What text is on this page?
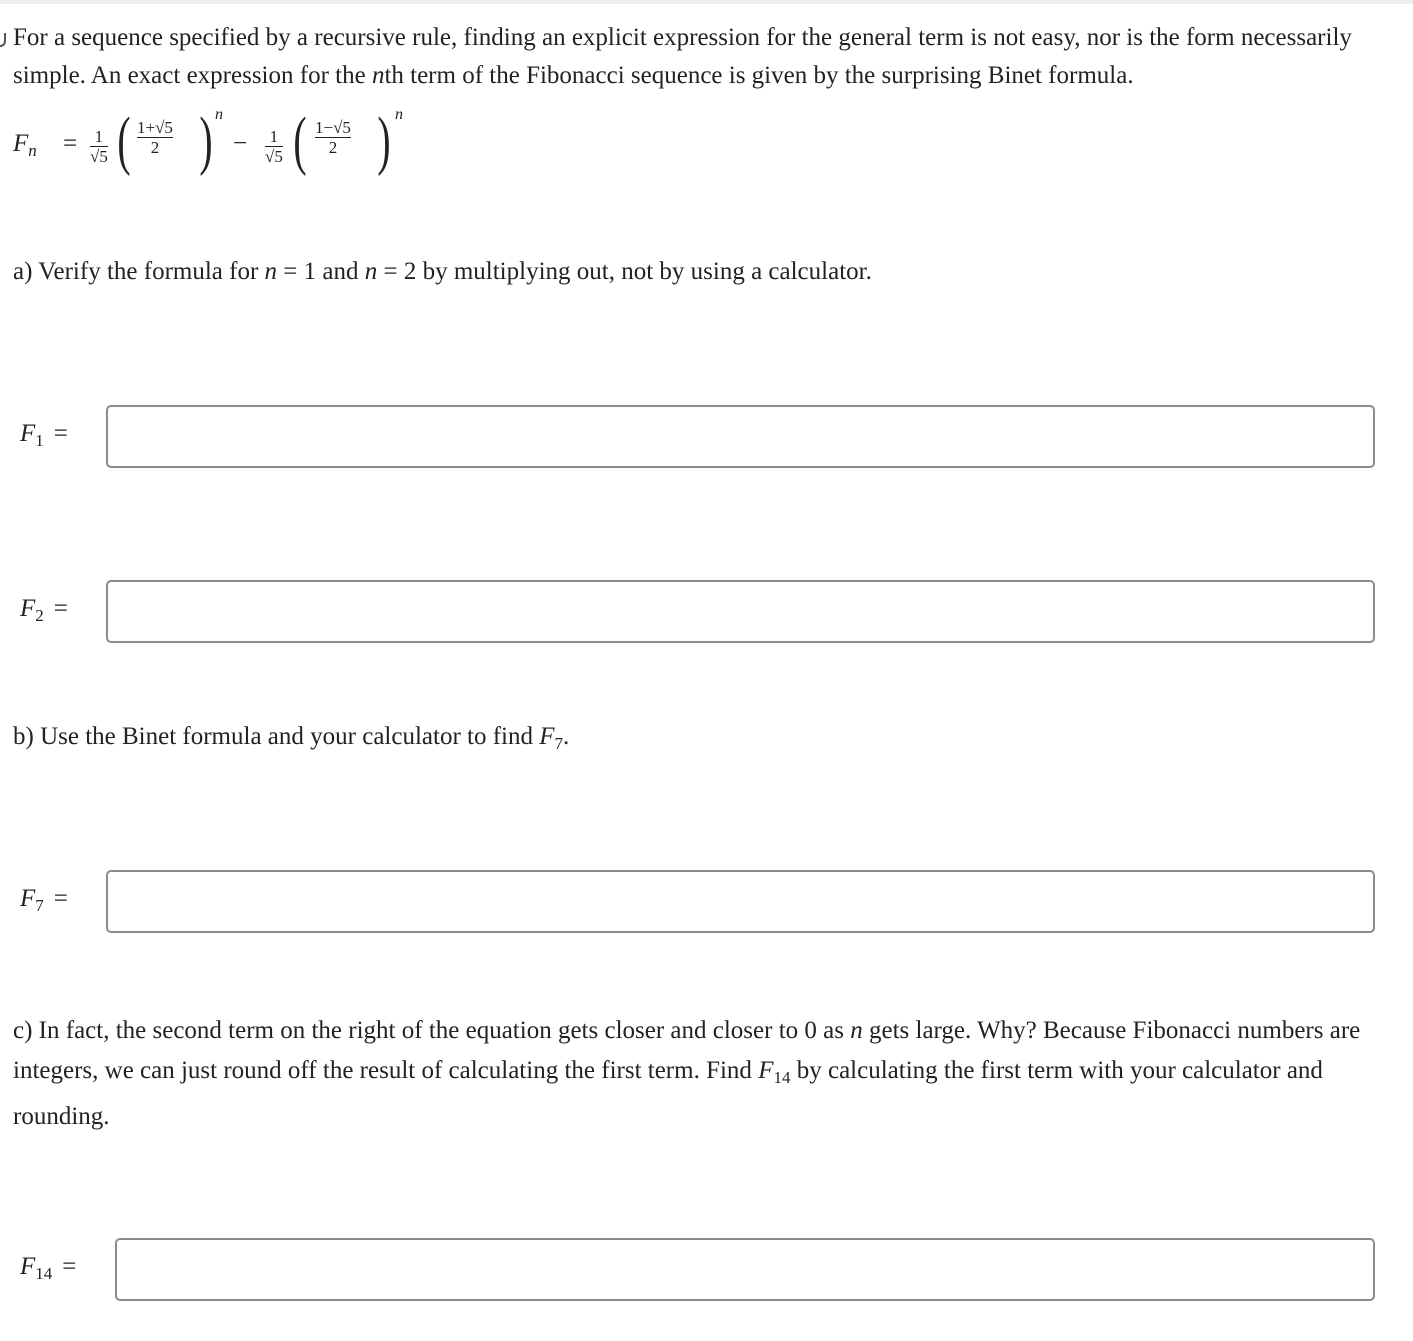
For a sequence specified by a recursive rule, finding an explicit expression for the general term is not easy, nor is the form necessarily simple. An exact expression for the nth term of the Fibonacci sequence is given by the surprising Binet formula.

$F_n = \frac{1}{√5}$ ( 1+√5
2 ) n
− $\frac{1}{√5}$ ( 1−√5
2 ) n

a) Verify the formula for n = 1 and n = 2 by multiplying out, not by using a calculator.

$F_1$ =
$F_2$ =

b) Use the Binet formula and your calculator to find $F_7$.

$F_7$ =

c) In fact, the second term on the right of the equation gets closer and closer to 0 as n gets large. Why? Because Fibonacci numbers are integers, we can just round off the result of calculating the first term. Find $F_{14}$ by calculating the first term with your calculator and rounding.

$F_{14}$ =
